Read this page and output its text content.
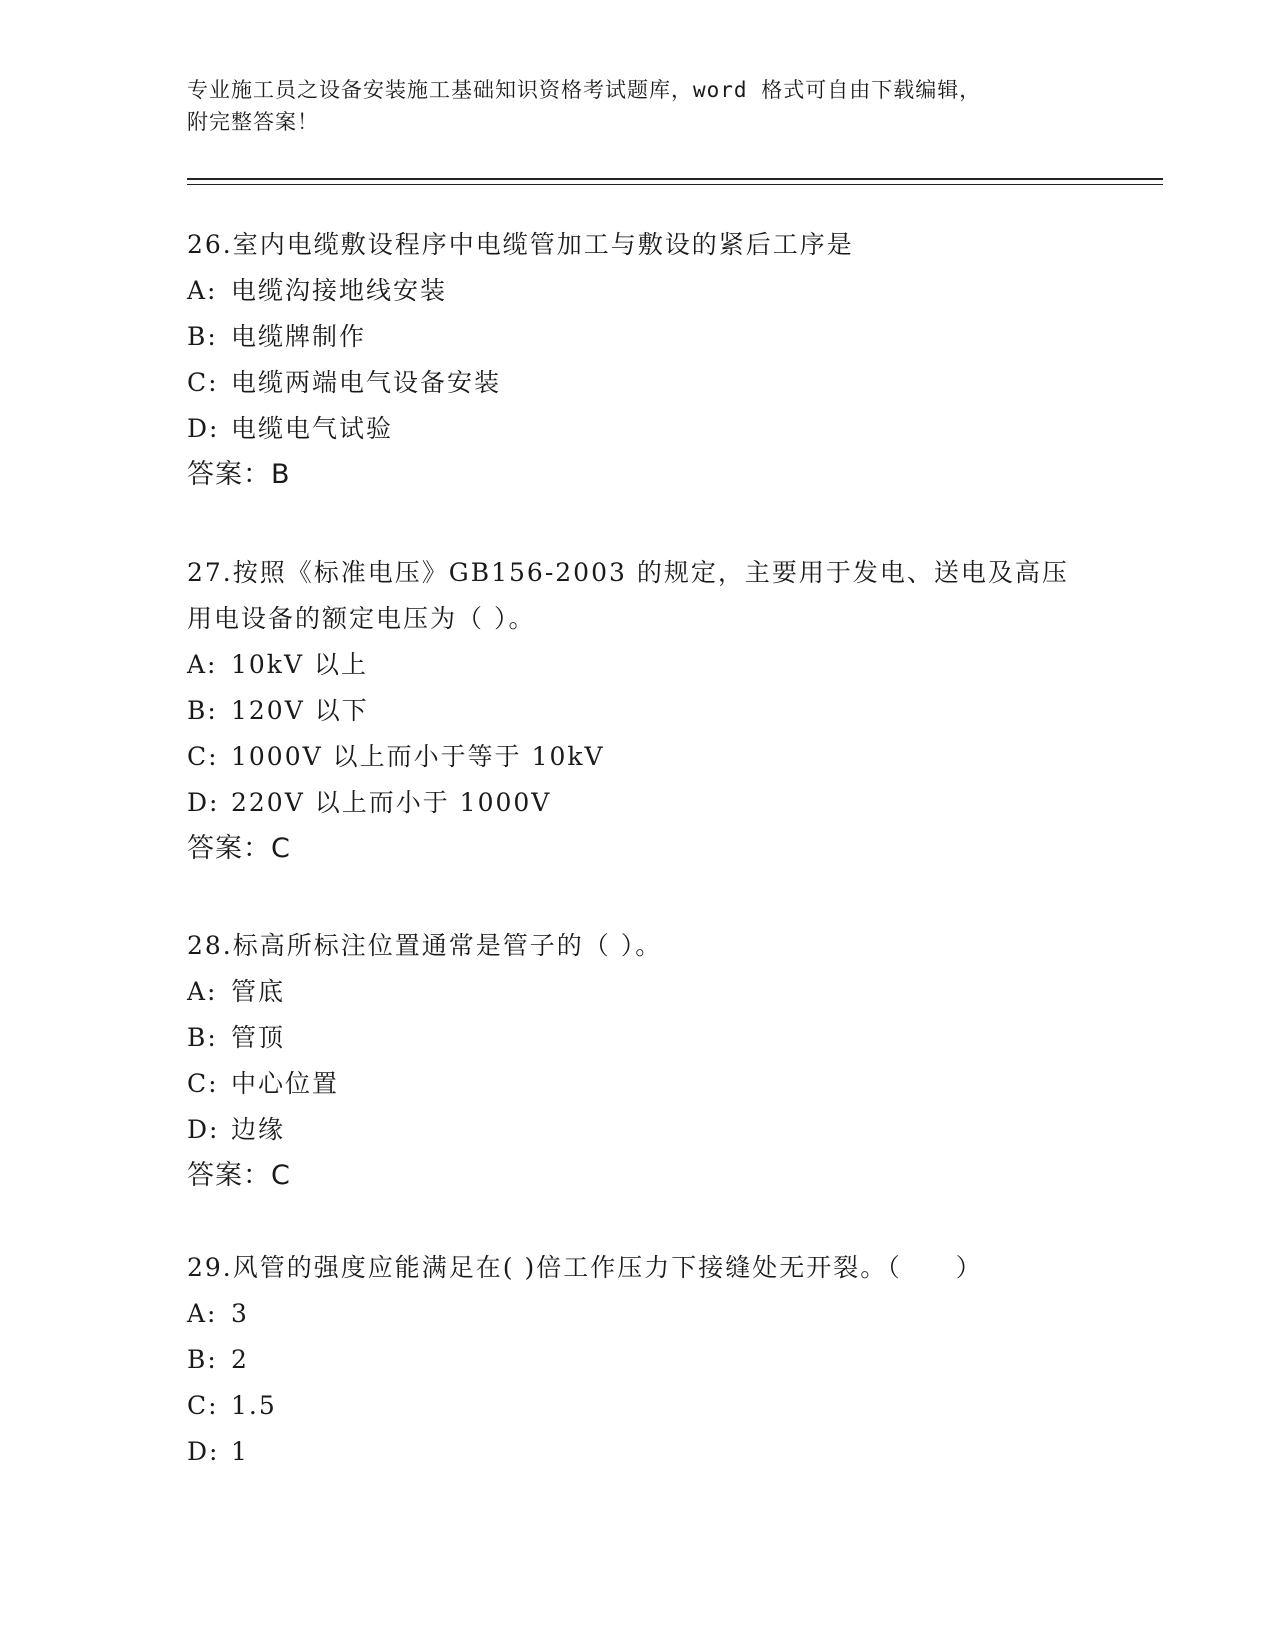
专业施工员之设备安装施工基础知识资格考试题库，word 格式可自由下载编辑，
附完整答案！

26.室内电缆敷设程序中电缆管加工与敷设的紧后工序是

A: 电缆沟接地线安装

B: 电缆牌制作

C: 电缆两端电气设备安装

D: 电缆电气试验

答案：B

27.按照《标准电压》GB156-2003 的规定，主要用于发电、送电及高压用电设备的额定电压为（ ）。

A: 10kV 以上

B: 120V 以下

C: 1000V 以上而小于等于 10kV

D: 220V 以上而小于 1000V

答案：C

28.标高所标注位置通常是管子的（ ）。

A: 管底

B: 管顶

C: 中心位置

D: 边缘

答案：C

29.风管的强度应能满足在( )倍工作压力下接缝处无开裂。（　　）

A: 3

B: 2

C: 1.5

D: 1
